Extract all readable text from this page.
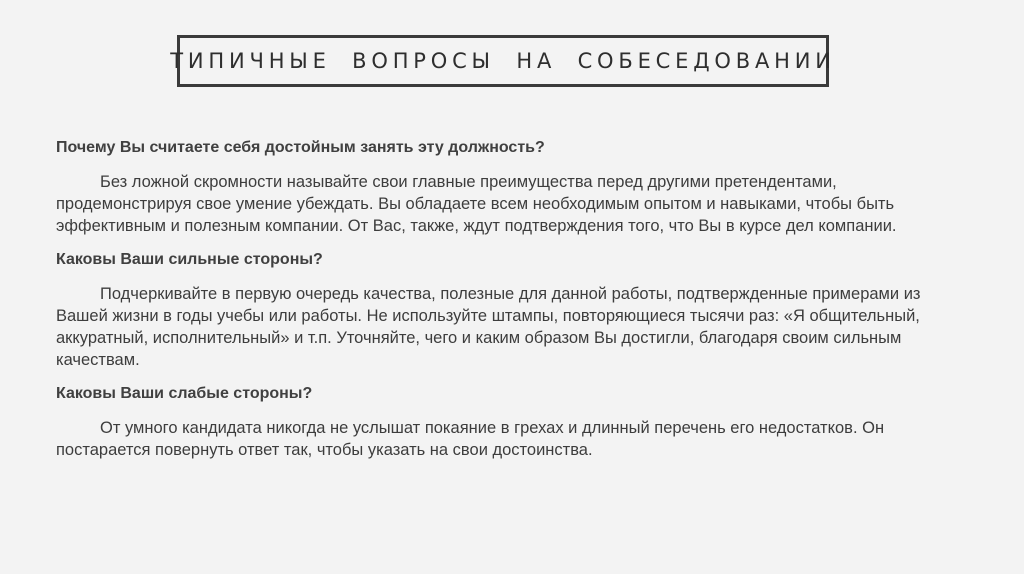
ТИПИЧНЫЕ ВОПРОСЫ НА СОБЕСЕДОВАНИИ

Почему Вы считаете себя достойным занять эту должность?

Без ложной скромности называйте свои главные преимущества перед другими претендентами, продемонстрируя свое умение убеждать. Вы обладаете всем необходимым опытом и навыками, чтобы быть эффективным и полезным компании. От Вас, также, ждут подтверждения того, что Вы в курсе дел компании.

Каковы Ваши сильные стороны?

Подчеркивайте в первую очередь качества, полезные для данной работы, подтвержденные примерами из Вашей жизни в годы учебы или работы. Не используйте штампы, повторяющиеся тысячи раз: «Я общительный, аккуратный, исполнительный» и т.п. Уточняйте, чего и каким образом Вы достигли, благодаря своим сильным качествам.

Каковы Ваши слабые стороны?

От умного кандидата никогда не услышат покаяние в грехах и длинный перечень его недостатков. Он постарается повернуть ответ так, чтобы указать на свои достоинства.
